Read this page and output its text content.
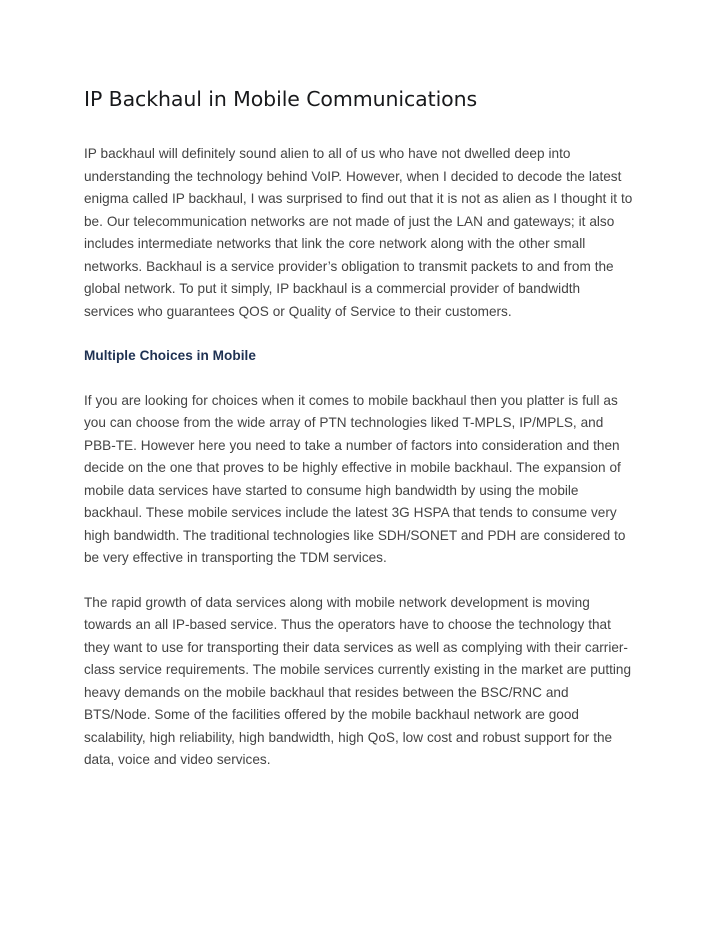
IP Backhaul in Mobile Communications

IP backhaul will definitely sound alien to all of us who have not dwelled deep into understanding the technology behind VoIP. However, when I decided to decode the latest enigma called IP backhaul, I was surprised to find out that it is not as alien as I thought it to be. Our telecommunication networks are not made of just the LAN and gateways; it also includes intermediate networks that link the core network along with the other small networks. Backhaul is a service provider’s obligation to transmit packets to and from the global network. To put it simply, IP backhaul is a commercial provider of bandwidth services who guarantees QOS or Quality of Service to their customers.

Multiple Choices in Mobile

If you are looking for choices when it comes to mobile backhaul then you platter is full as you can choose from the wide array of PTN technologies liked T-MPLS, IP/MPLS, and PBB-TE. However here you need to take a number of factors into consideration and then decide on the one that proves to be highly effective in mobile backhaul. The expansion of mobile data services have started to consume high bandwidth by using the mobile backhaul. These mobile services include the latest 3G HSPA that tends to consume very high bandwidth. The traditional technologies like SDH/SONET and PDH are considered to be very effective in transporting the TDM services.

The rapid growth of data services along with mobile network development is moving towards an all IP-based service. Thus the operators have to choose the technology that they want to use for transporting their data services as well as complying with their carrier-class service requirements. The mobile services currently existing in the market are putting heavy demands on the mobile backhaul that resides between the BSC/RNC and BTS/Node. Some of the facilities offered by the mobile backhaul network are good scalability, high reliability, high bandwidth, high QoS, low cost and robust support for the data, voice and video services.
